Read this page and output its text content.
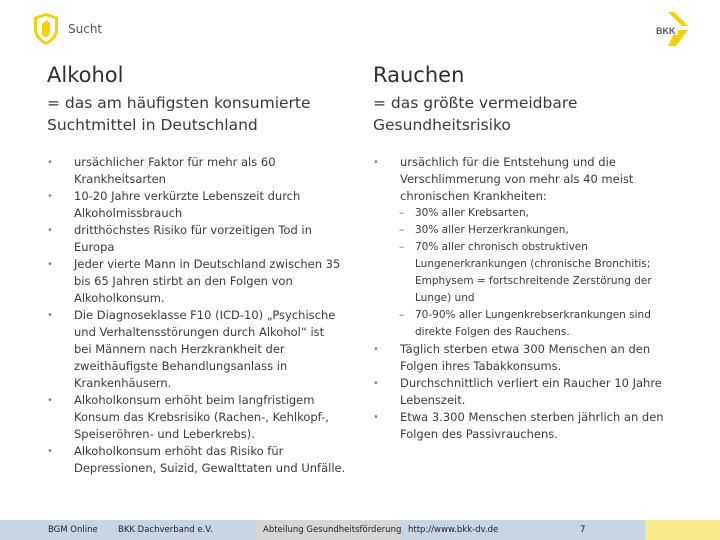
Sucht	BKK
Alkohol
= das am häufigsten konsumierte
Suchtmittel in Deutschland
• ursächlicher Faktor für mehr als 60
Krankheitsarten
• 10-20 Jahre verkürzte Lebenszeit durch
Alkoholmissbrauch
• dritthöchstes Risiko für vorzeitigen Tod in
Europa
• Jeder vierte Mann in Deutschland zwischen 35
bis 65 Jahren stirbt an den Folgen von
Alkoholkonsum.
• Die Diagnoseklasse F10 (ICD-10) „Psychische
und Verhaltensstörungen durch Alkohol“ ist
bei Männern nach Herzkrankheit der
zweithäufigste Behandlungsanlass in
Krankenhäusern.
• Alkoholkonsum erhöht beim langfristigem
Konsum das Krebsrisiko (Rachen-, Kehlkopf-,
Speiseröhren- und Leberkrebs).
• Alkoholkonsum erhöht das Risiko für
Depressionen, Suizid, Gewalttaten und Unfälle.
Rauchen
= das größte vermeidbare
Gesundheitsrisiko
• ursächlich für die Entstehung und die
Verschlimmerung von mehr als 40 meist
chronischen Krankheiten:
– 30% aller Krebsarten,
– 30% aller Herzerkrankungen,
– 70% aller chronisch obstruktiven
Lungenerkrankungen (chronische Bronchitis;
Emphysem = fortschreitende Zerstörung der
Lunge) und
– 70-90% aller Lungenkrebserkrankungen sind
direkte Folgen des Rauchens.
• Täglich sterben etwa 300 Menschen an den
Folgen ihres Tabakkonsums.
• Durchschnittlich verliert ein Raucher 10 Jahre
Lebenszeit.
• Etwa 3.300 Menschen sterben jährlich an den
Folgen des Passivrauchens.
BGM Online BKK Dachverband e.V.	Abteilung Gesundheitsförderung http://www.bkk-dv.de	7
